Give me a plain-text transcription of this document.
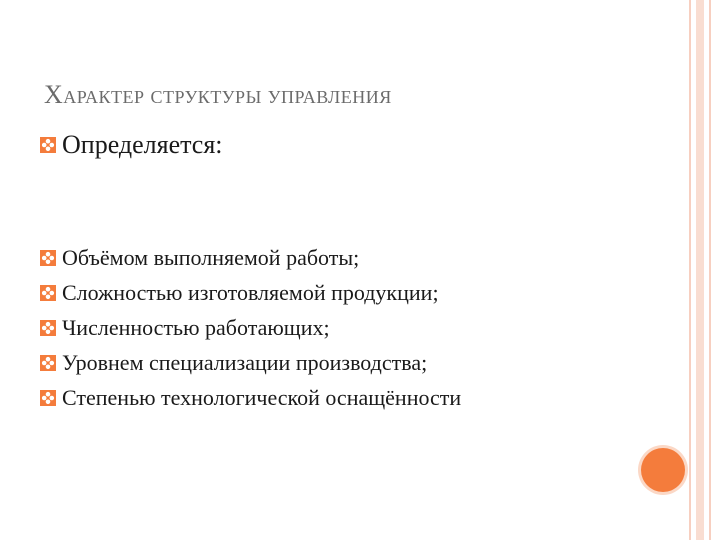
ХАРАКТЕР СТРУКТУРЫ УПРАВЛЕНИЯ
Определяется:
Объёмом выполняемой работы;
Сложностью изготовляемой продукции;
Численностью работающих;
Уровнем специализации производства;
Степенью технологической оснащённости
